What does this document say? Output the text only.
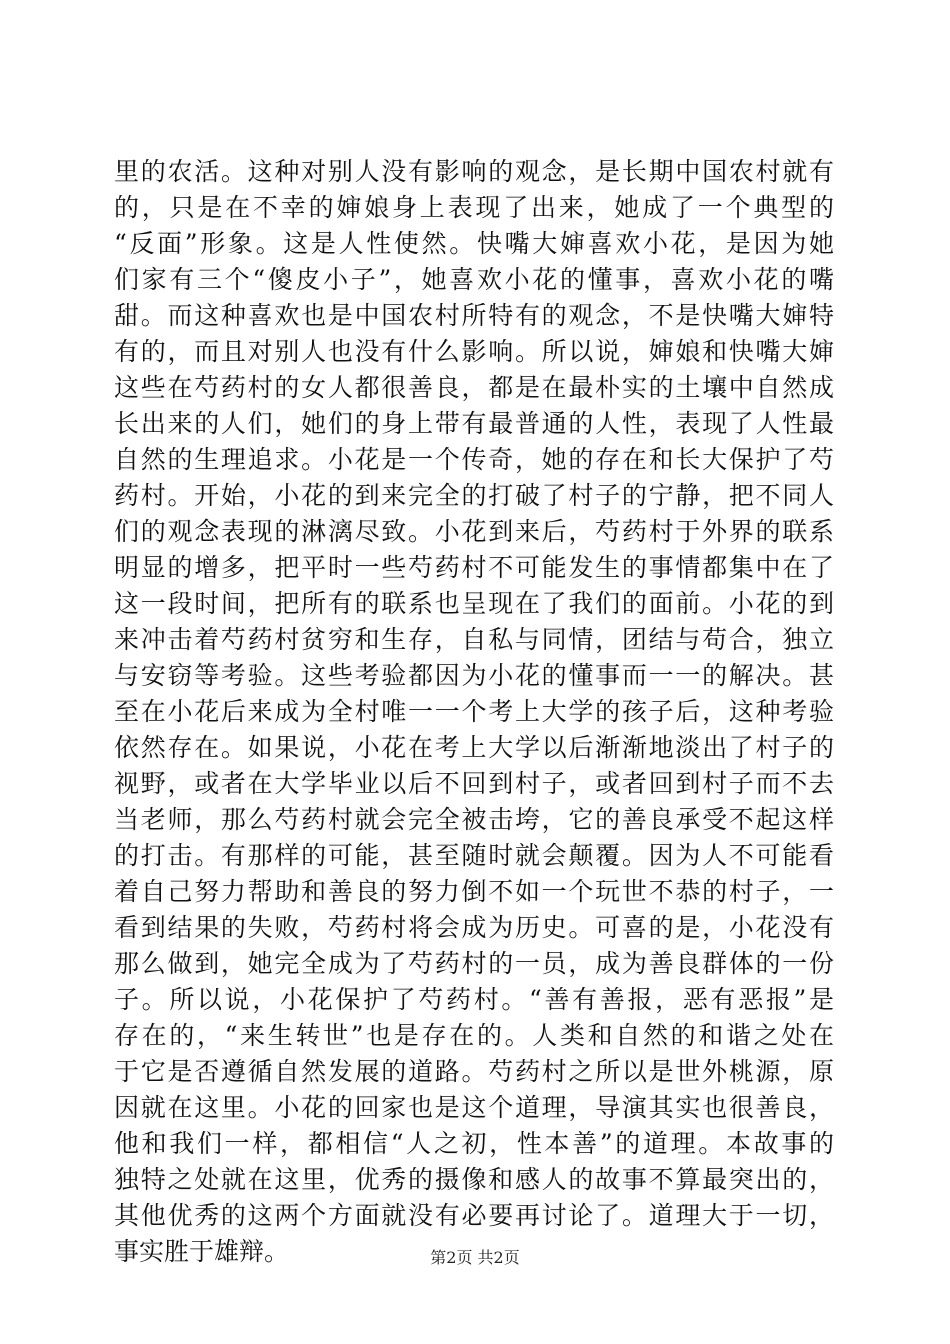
里的农活。这种对别人没有影响的观念，是长期中国农村就有
的，只是在不幸的婶娘身上表现了出来，她成了一个典型的
“反面”形象。这是人性使然。快嘴大婶喜欢小花，是因为她
们家有三个“傻皮小子”，她喜欢小花的懂事，喜欢小花的嘴
甜。而这种喜欢也是中国农村所特有的观念，不是快嘴大婶特
有的，而且对别人也没有什么影响。所以说，婶娘和快嘴大婶
这些在芍药村的女人都很善良，都是在最朴实的土壤中自然成
长出来的人们，她们的身上带有最普通的人性，表现了人性最
自然的生理追求。小花是一个传奇，她的存在和长大保护了芍
药村。开始，小花的到来完全的打破了村子的宁静，把不同人
们的观念表现的淋漓尽致。小花到来后，芍药村于外界的联系
明显的增多，把平时一些芍药村不可能发生的事情都集中在了
这一段时间，把所有的联系也呈现在了我们的面前。小花的到
来冲击着芍药村贫穷和生存，自私与同情，团结与苟合，独立
与安窃等考验。这些考验都因为小花的懂事而一一的解决。甚
至在小花后来成为全村唯一一个考上大学的孩子后，这种考验
依然存在。如果说，小花在考上大学以后渐渐地淡出了村子的
视野，或者在大学毕业以后不回到村子，或者回到村子而不去
当老师，那么芍药村就会完全被击垮，它的善良承受不起这样
的打击。有那样的可能，甚至随时就会颠覆。因为人不可能看
着自己努力帮助和善良的努力倒不如一个玩世不恭的村子，一
看到结果的失败，芍药村将会成为历史。可喜的是，小花没有
那么做到，她完全成为了芍药村的一员，成为善良群体的一份
子。所以说，小花保护了芍药村。“善有善报，恶有恶报”是
存在的，“来生转世”也是存在的。人类和自然的和谐之处在
于它是否遵循自然发展的道路。芍药村之所以是世外桃源，原
因就在这里。小花的回家也是这个道理，导演其实也很善良，
他和我们一样，都相信“人之初，性本善”的道理。本故事的
独特之处就在这里，优秀的摄像和感人的故事不算最突出的，
其他优秀的这两个方面就没有必要再讨论了。道理大于一切，
事实胜于雄辩。	第2页 共2页
